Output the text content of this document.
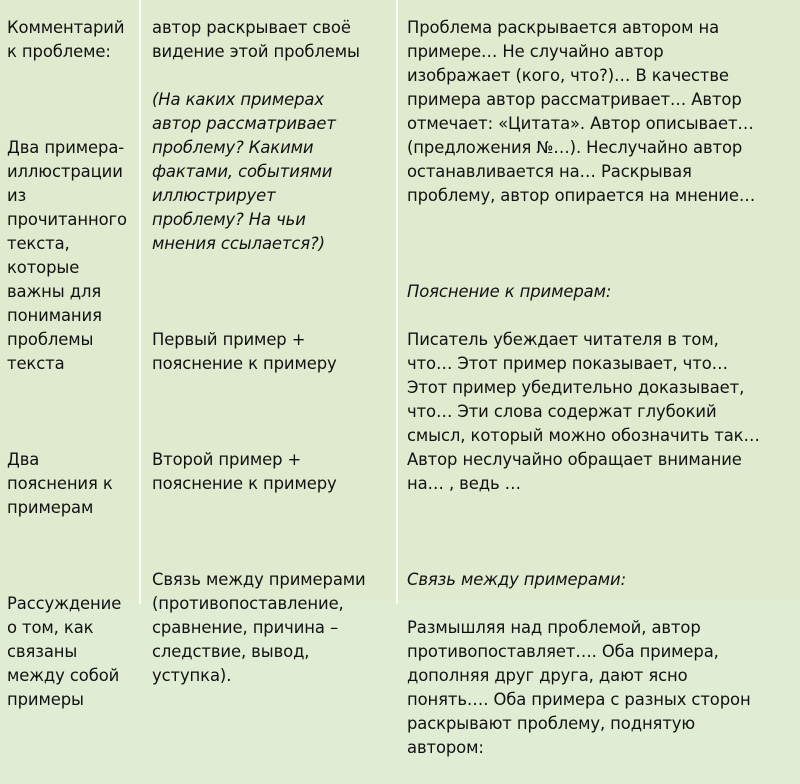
Комментарий
к проблеме:

Два примера-
иллюстрации
из
прочитанного
текста,
которые
важны для
понимания
проблемы
текста

Два
пояснения к
примерам

Рассуждение
о том, как
связаны
между собой
примеры

автор раскрывает своё
видение этой проблемы

(На каких примерах
автор рассматривает
проблему? Какими
фактами, событиями
иллюстрирует
проблему? На чьи
мнения ссылается?)

Первый пример +
пояснение к примеру

Второй пример +
пояснение к примеру

Связь между примерами
(противопоставление,
сравнение, причина –
следствие, вывод,
уступка).

Проблема раскрывается автором на
примере… Не случайно автор
изображает (кого, что?)… В качестве
примера автор рассматривает… Автор
отмечает: «Цитата». Автор описывает…
(предложения №…). Неслучайно автор
останавливается на… Раскрывая
проблему, автор опирается на мнение…

Пояснение к примерам:

Писатель убеждает читателя в том,
что… Этот пример показывает, что…
Этот пример убедительно доказывает,
что… Эти слова содержат глубокий
смысл, который можно обозначить так…
Автор неслучайно обращает внимание
на… , ведь …

Связь между примерами:

Размышляя над проблемой, автор
противопоставляет…. Оба примера,
дополняя друг друга, дают ясно
понять…. Оба примера с разных сторон
раскрывают проблему, поднятую
автором:
